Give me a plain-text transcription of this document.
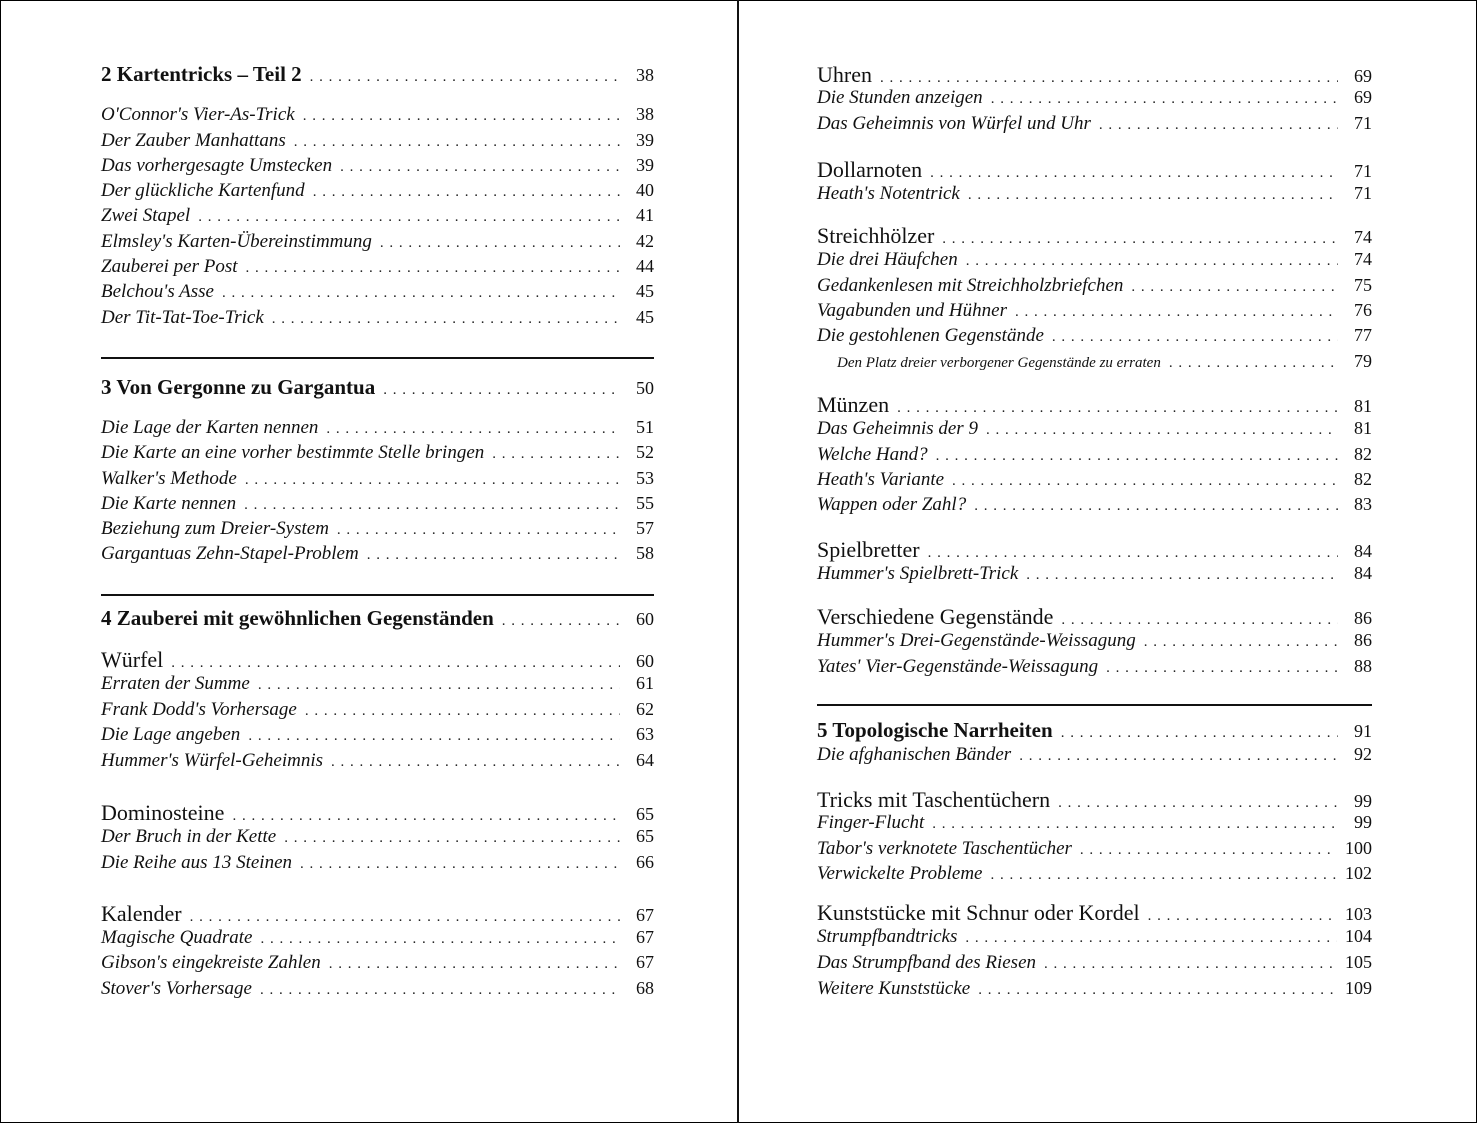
2 Kartentricks – Teil 2 . . .	38
O'Connor's Vier-As-Trick . . .	38
Der Zauber Manhattans . . .	39
Das vorhergesagte Umstecken . . .	39
Der glückliche Kartenfund . . .	40
Zwei Stapel . . .	41
Elmsley's Karten-Übereinstimmung . . .	42
Zauberei per Post . . .	44
Belchou's Asse . . .	45
Der Tit-Tat-Toe-Trick . . .	45
3 Von Gergonne zu Gargantua . . .	50
Die Lage der Karten nennen . . .	51
Die Karte an eine vorher bestimmte Stelle bringen . . .	52
Walker's Methode . . .	53
Die Karte nennen . . .	55
Beziehung zum Dreier-System . . .	57
Gargantuas Zehn-Stapel-Problem . . .	58
4 Zauberei mit gewöhnlichen Gegenständen . . .	60
Würfel . . .	60
Erraten der Summe . . .	61
Frank Dodd's Vorhersage . . .	62
Die Lage angeben . . .	63
Hummer's Würfel-Geheimnis . . .	64
Dominosteine . . .	65
Der Bruch in der Kette . . .	65
Die Reihe aus 13 Steinen . . .	66
Kalender . . .	67
Magische Quadrate . . .	67
Gibson's eingekreiste Zahlen . . .	67
Stover's Vorhersage . . .	68
Uhren . . .	69
Die Stunden anzeigen . . .	69
Das Geheimnis von Würfel und Uhr . . .	71
Dollarnoten . . .	71
Heath's Notentrick . . .	71
Streichhölzer . . .	74
Die drei Häufchen . . .	74
Gedankenlesen mit Streichholzbriefchen . . .	75
Vagabunden und Hühner . . .	76
Die gestohlenen Gegenstände . . .	77
Den Platz dreier verborgener Gegenstände zu erraten . . .	79
Münzen . . .	81
Das Geheimnis der 9 . . .	81
Welche Hand? . . .	82
Heath's Variante . . .	82
Wappen oder Zahl? . . .	83
Spielbretter . . .	84
Hummer's Spielbrett-Trick . . .	84
Verschiedene Gegenstände . . .	86
Hummer's Drei-Gegenstände-Weissagung . . .	86
Yates' Vier-Gegenstände-Weissagung . . .	88
5 Topologische Narrheiten . . .	91
Die afghanischen Bänder . . .	92
Tricks mit Taschentüchern . . .	99
Finger-Flucht . . .	99
Tabor's verknotete Taschentücher . . .	100
Verwickelte Probleme . . .	102
Kunststücke mit Schnur oder Kordel . . .	103
Strumpfbandtricks . . .	104
Das Strumpfband des Riesen . . .	105
Weitere Kunststücke . . .	109
